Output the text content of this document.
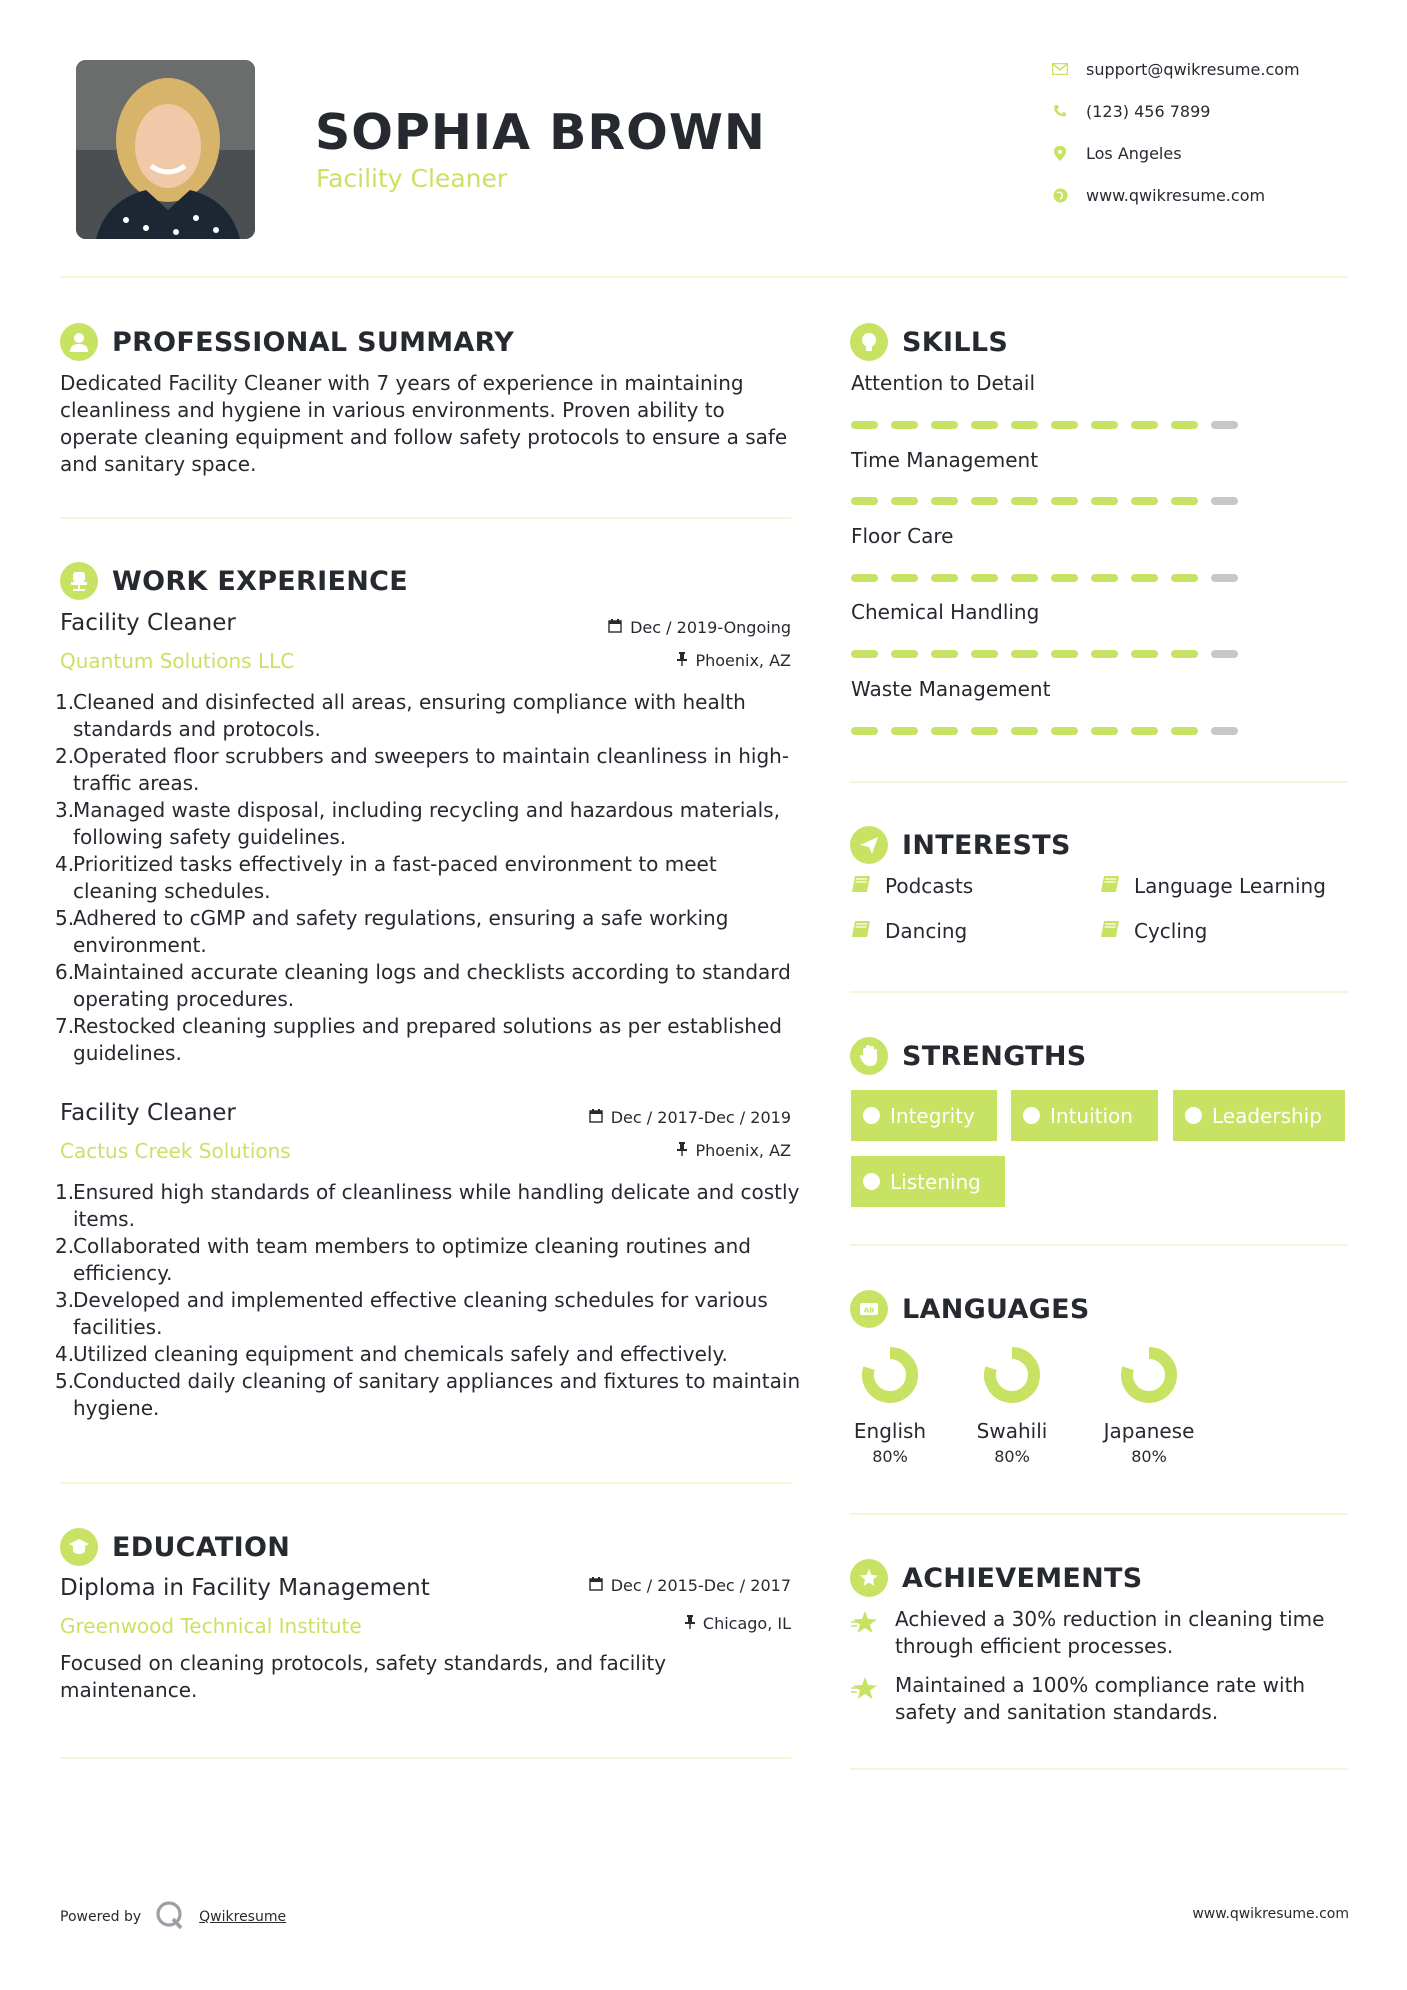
SOPHIA BROWN
Facility Cleaner
support@qwikresume.com
(123) 456 7899
Los Angeles
www.qwikresume.com
PROFESSIONAL SUMMARY
Dedicated Facility Cleaner with 7 years of experience in maintaining cleanliness and hygiene in various environments. Proven ability to operate cleaning equipment and follow safety protocols to ensure a safe and sanitary space.
WORK EXPERIENCE
Facility Cleaner
Quantum Solutions LLC
Dec / 2019-Ongoing
Phoenix, AZ
1.
Cleaned and disinfected all areas, ensuring compliance with health standards and protocols.
2.
Operated floor scrubbers and sweepers to maintain cleanliness in high-traffic areas.
3.
Managed waste disposal, including recycling and hazardous materials, following safety guidelines.
4.
Prioritized tasks effectively in a fast-paced environment to meet cleaning schedules.
5.
Adhered to cGMP and safety regulations, ensuring a safe working environment.
6.
Maintained accurate cleaning logs and checklists according to standard operating procedures.
7.
Restocked cleaning supplies and prepared solutions as per established guidelines.
Facility Cleaner
Cactus Creek Solutions
Dec / 2017-Dec / 2019
Phoenix, AZ
1.
Ensured high standards of cleanliness while handling delicate and costly items.
2.
Collaborated with team members to optimize cleaning routines and efficiency.
3.
Developed and implemented effective cleaning schedules for various facilities.
4.
Utilized cleaning equipment and chemicals safely and effectively.
5.
Conducted daily cleaning of sanitary appliances and fixtures to maintain hygiene.
EDUCATION
Diploma in Facility Management
Greenwood Technical Institute
Dec / 2015-Dec / 2017
Chicago, IL
Focused on cleaning protocols, safety standards, and facility maintenance.
SKILLS
Attention to Detail
Time Management
Floor Care
Chemical Handling
Waste Management
INTERESTS
Podcasts	Language Learning
Dancing	Cycling
STRENGTHS
Integrity	Intuition	Leadership
Listening
AB LANGUAGES
English
80%
Swahili
80%
Japanese
80%
ACHIEVEMENTS
Achieved a 30% reduction in cleaning time through efficient processes.
Maintained a 100% compliance rate with safety and sanitation standards.
Powered by	Qwikresume	www.qwikresume.com
